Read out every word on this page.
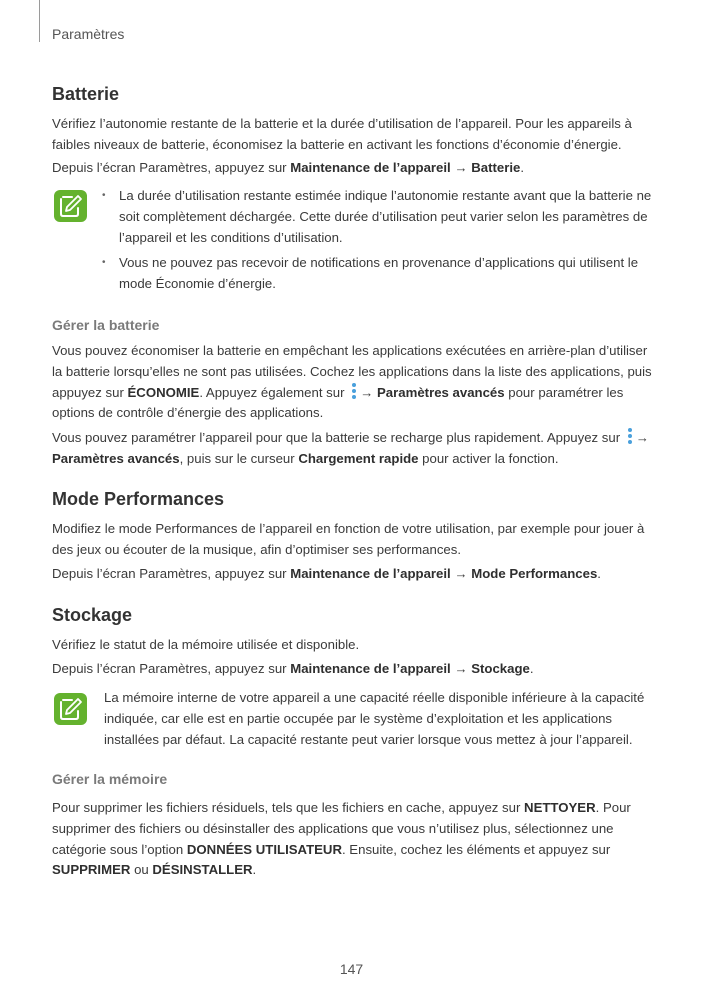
Paramètres
Batterie
Vérifiez l’autonomie restante de la batterie et la durée d’utilisation de l’appareil. Pour les appareils à faibles niveaux de batterie, économisez la batterie en activant les fonctions d’économie d’énergie.
Depuis l’écran Paramètres, appuyez sur Maintenance de l’appareil → Batterie.
• La durée d’utilisation restante estimée indique l’autonomie restante avant que la batterie ne soit complètement déchargée. Cette durée d’utilisation peut varier selon les paramètres de l’appareil et les conditions d’utilisation.
• Vous ne pouvez pas recevoir de notifications en provenance d’applications qui utilisent le mode Économie d’énergie.
Gérer la batterie
Vous pouvez économiser la batterie en empêchant les applications exécutées en arrière-plan d’utiliser la batterie lorsqu’elles ne sont pas utilisées. Cochez les applications dans la liste des applications, puis appuyez sur ÉCONOMIE. Appuyez également sur
→ Paramètres avancés pour paramétrer les options de contrôle d’énergie des applications.
Vous pouvez paramétrer l’appareil pour que la batterie se recharge plus rapidement. Appuyez sur
→ Paramètres avancés, puis sur le curseur Chargement rapide pour activer la fonction.
Mode Performances
Modifiez le mode Performances de l’appareil en fonction de votre utilisation, par exemple pour jouer à des jeux ou écouter de la musique, afin d’optimiser ses performances.
Depuis l’écran Paramètres, appuyez sur Maintenance de l’appareil → Mode Performances.
Stockage
Vérifiez le statut de la mémoire utilisée et disponible.
Depuis l’écran Paramètres, appuyez sur Maintenance de l’appareil → Stockage.
La mémoire interne de votre appareil a une capacité réelle disponible inférieure à la capacité indiquée, car elle est en partie occupée par le système d’exploitation et les applications installées par défaut. La capacité restante peut varier lorsque vous mettez à jour l’appareil.
Gérer la mémoire
Pour supprimer les fichiers résiduels, tels que les fichiers en cache, appuyez sur NETTOYER. Pour supprimer des fichiers ou désinstaller des applications que vous n’utilisez plus, sélectionnez une catégorie sous l’option DONNÉES UTILISATEUR. Ensuite, cochez les éléments et appuyez sur SUPPRIMER ou DÉSINSTALLER.
147
